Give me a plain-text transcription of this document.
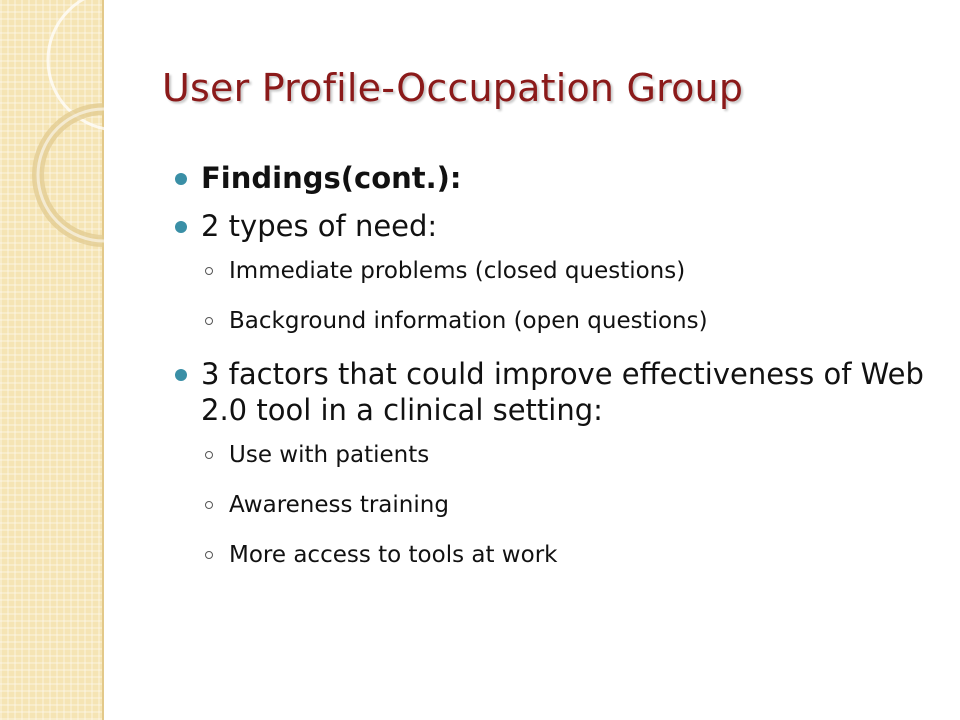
User Profile-Occupation Group
Findings(cont.):
2 types of need:
Immediate problems (closed questions)
Background information (open questions)
3 factors that could improve effectiveness of Web 2.0 tool in a clinical setting:
Use with patients
Awareness training
More access to tools at work
